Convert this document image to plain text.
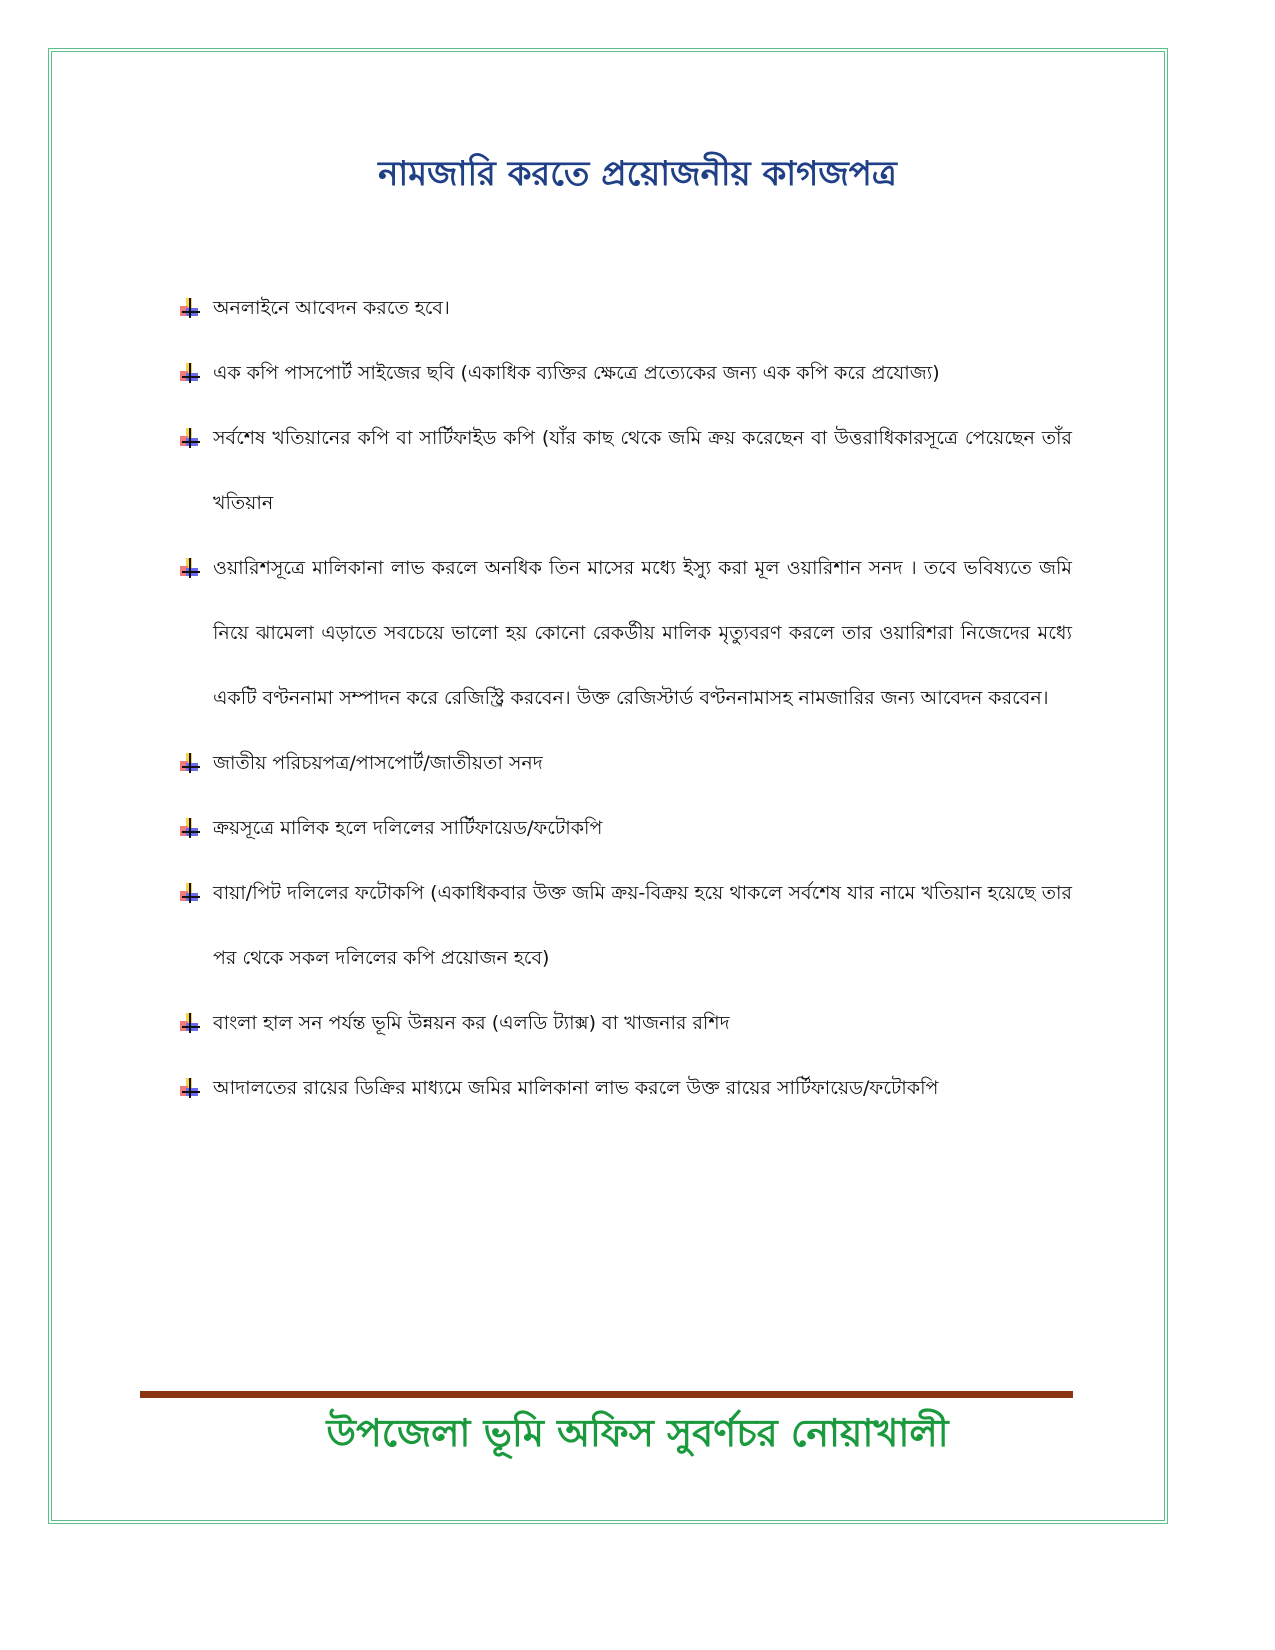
নামজারি করতে প্রয়োজনীয় কাগজপত্র
অনলাইনে আবেদন করতে হবে।
এক কপি পাসপোর্ট সাইজের ছবি (একাধিক ব্যক্তির ক্ষেত্রে প্রত্যেকের জন্য এক কপি করে প্রযোজ্য)
সর্বশেষ খতিয়ানের কপি বা সার্টিফাইড কপি (যাঁর কাছ থেকে জমি ক্রয় করেছেন বা উত্তরাধিকারসূত্রে পেয়েছেন তাঁর খতিয়ান
ওয়ারিশসূত্রে মালিকানা লাভ করলে অনধিক তিন মাসের মধ্যে ইস্যু করা মূল ওয়ারিশান সনদ । তবে ভবিষ্যতে জমি নিয়ে ঝামেলা এড়াতে সবচেয়ে ভালো হয় কোনো রেকর্ডীয় মালিক মৃত্যুবরণ করলে তার ওয়ারিশরা নিজেদের মধ্যে একটি বণ্টননামা সম্পাদন করে রেজিস্ট্রি করবেন। উক্ত রেজিস্টার্ড বণ্টননামাসহ নামজারির জন্য আবেদন করবেন।
জাতীয় পরিচয়পত্র/পাসপোর্ট/জাতীয়তা সনদ
ক্রয়সূত্রে মালিক হলে দলিলের সার্টিফায়েড/ফটোকপি
বায়া/পিট দলিলের ফটোকপি (একাধিকবার উক্ত জমি ক্রয়-বিক্রয় হয়ে থাকলে সর্বশেষ যার নামে খতিয়ান হয়েছে তার পর থেকে সকল দলিলের কপি প্রয়োজন হবে)
বাংলা হাল সন পর্যন্ত ভূমি উন্নয়ন কর (এলডি ট্যাক্স) বা খাজনার রশিদ
আদালতের রায়ের ডিক্রির মাধ্যমে জমির মালিকানা লাভ করলে উক্ত রায়ের সার্টিফায়েড/ফটোকপি
উপজেলা ভূমি অফিস সুবর্ণচর নোয়াখালী
